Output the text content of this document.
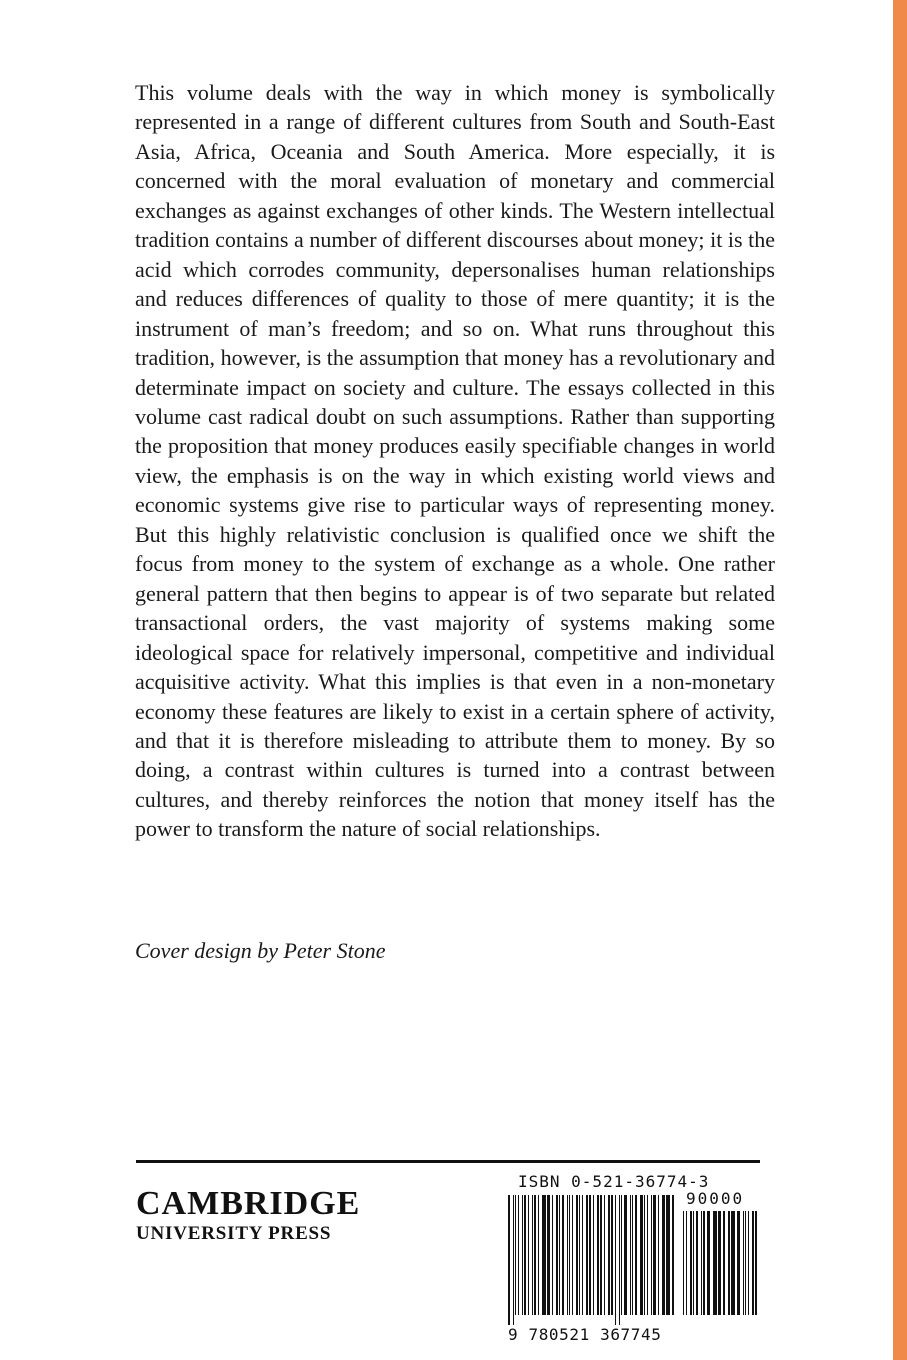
This volume deals with the way in which money is symbolically represented in a range of different cultures from South and South-East Asia, Africa, Oceania and South America. More especially, it is concerned with the moral evaluation of monetary and commercial exchanges as against exchanges of other kinds. The Western intellectual tradition contains a number of different discourses about money; it is the acid which corrodes community, depersonalises human relationships and reduces differences of quality to those of mere quantity; it is the instrument of man’s freedom; and so on. What runs throughout this tradition, however, is the assumption that money has a revolutionary and determinate impact on society and culture. The essays collected in this volume cast radical doubt on such assumptions. Rather than supporting the proposition that money produces easily specifiable changes in world view, the emphasis is on the way in which existing world views and economic systems give rise to particular ways of representing money. But this highly relativistic conclusion is qualified once we shift the focus from money to the system of exchange as a whole. One rather general pattern that then begins to appear is of two separate but related transactional orders, the vast majority of systems making some ideological space for relatively impersonal, competitive and individual acquisitive activity. What this implies is that even in a non-monetary economy these features are likely to exist in a certain sphere of activity, and that it is therefore misleading to attribute them to money. By so doing, a contrast within cultures is turned into a contrast between cultures, and thereby reinforces the notion that money itself has the power to transform the nature of social relationships.

Cover design by Peter Stone

CAMBRIDGE
UNIVERSITY PRESS
ISBN 0-521-36774-3
90000
9 780521 367745
